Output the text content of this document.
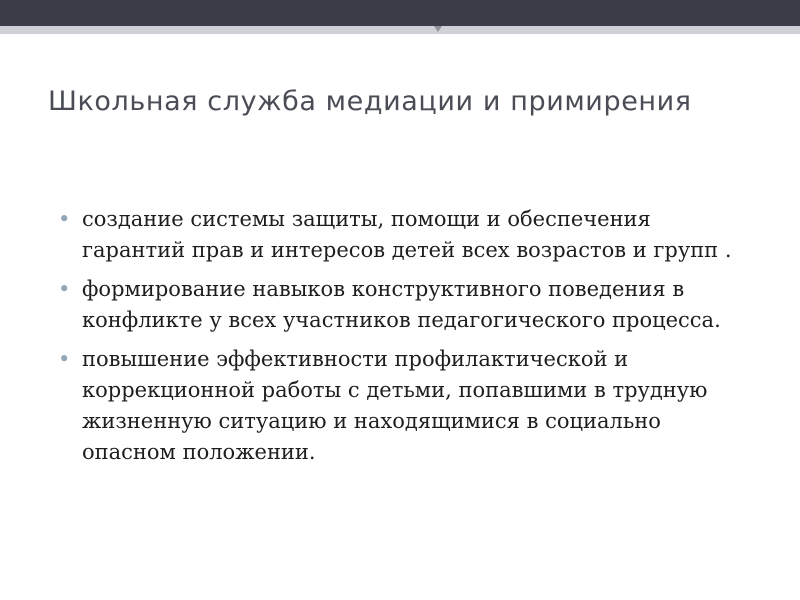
Школьная служба медиации и примирения
• создание системы защиты, помощи и обеспечения гарантий прав и интересов детей всех возрастов и групп .
• формирование навыков конструктивного поведения в конфликте у всех участников педагогического процесса.
• повышение эффективности профилактической и коррекционной работы с детьми, попавшими в трудную жизненную ситуацию и находящимися в социально опасном положении.
